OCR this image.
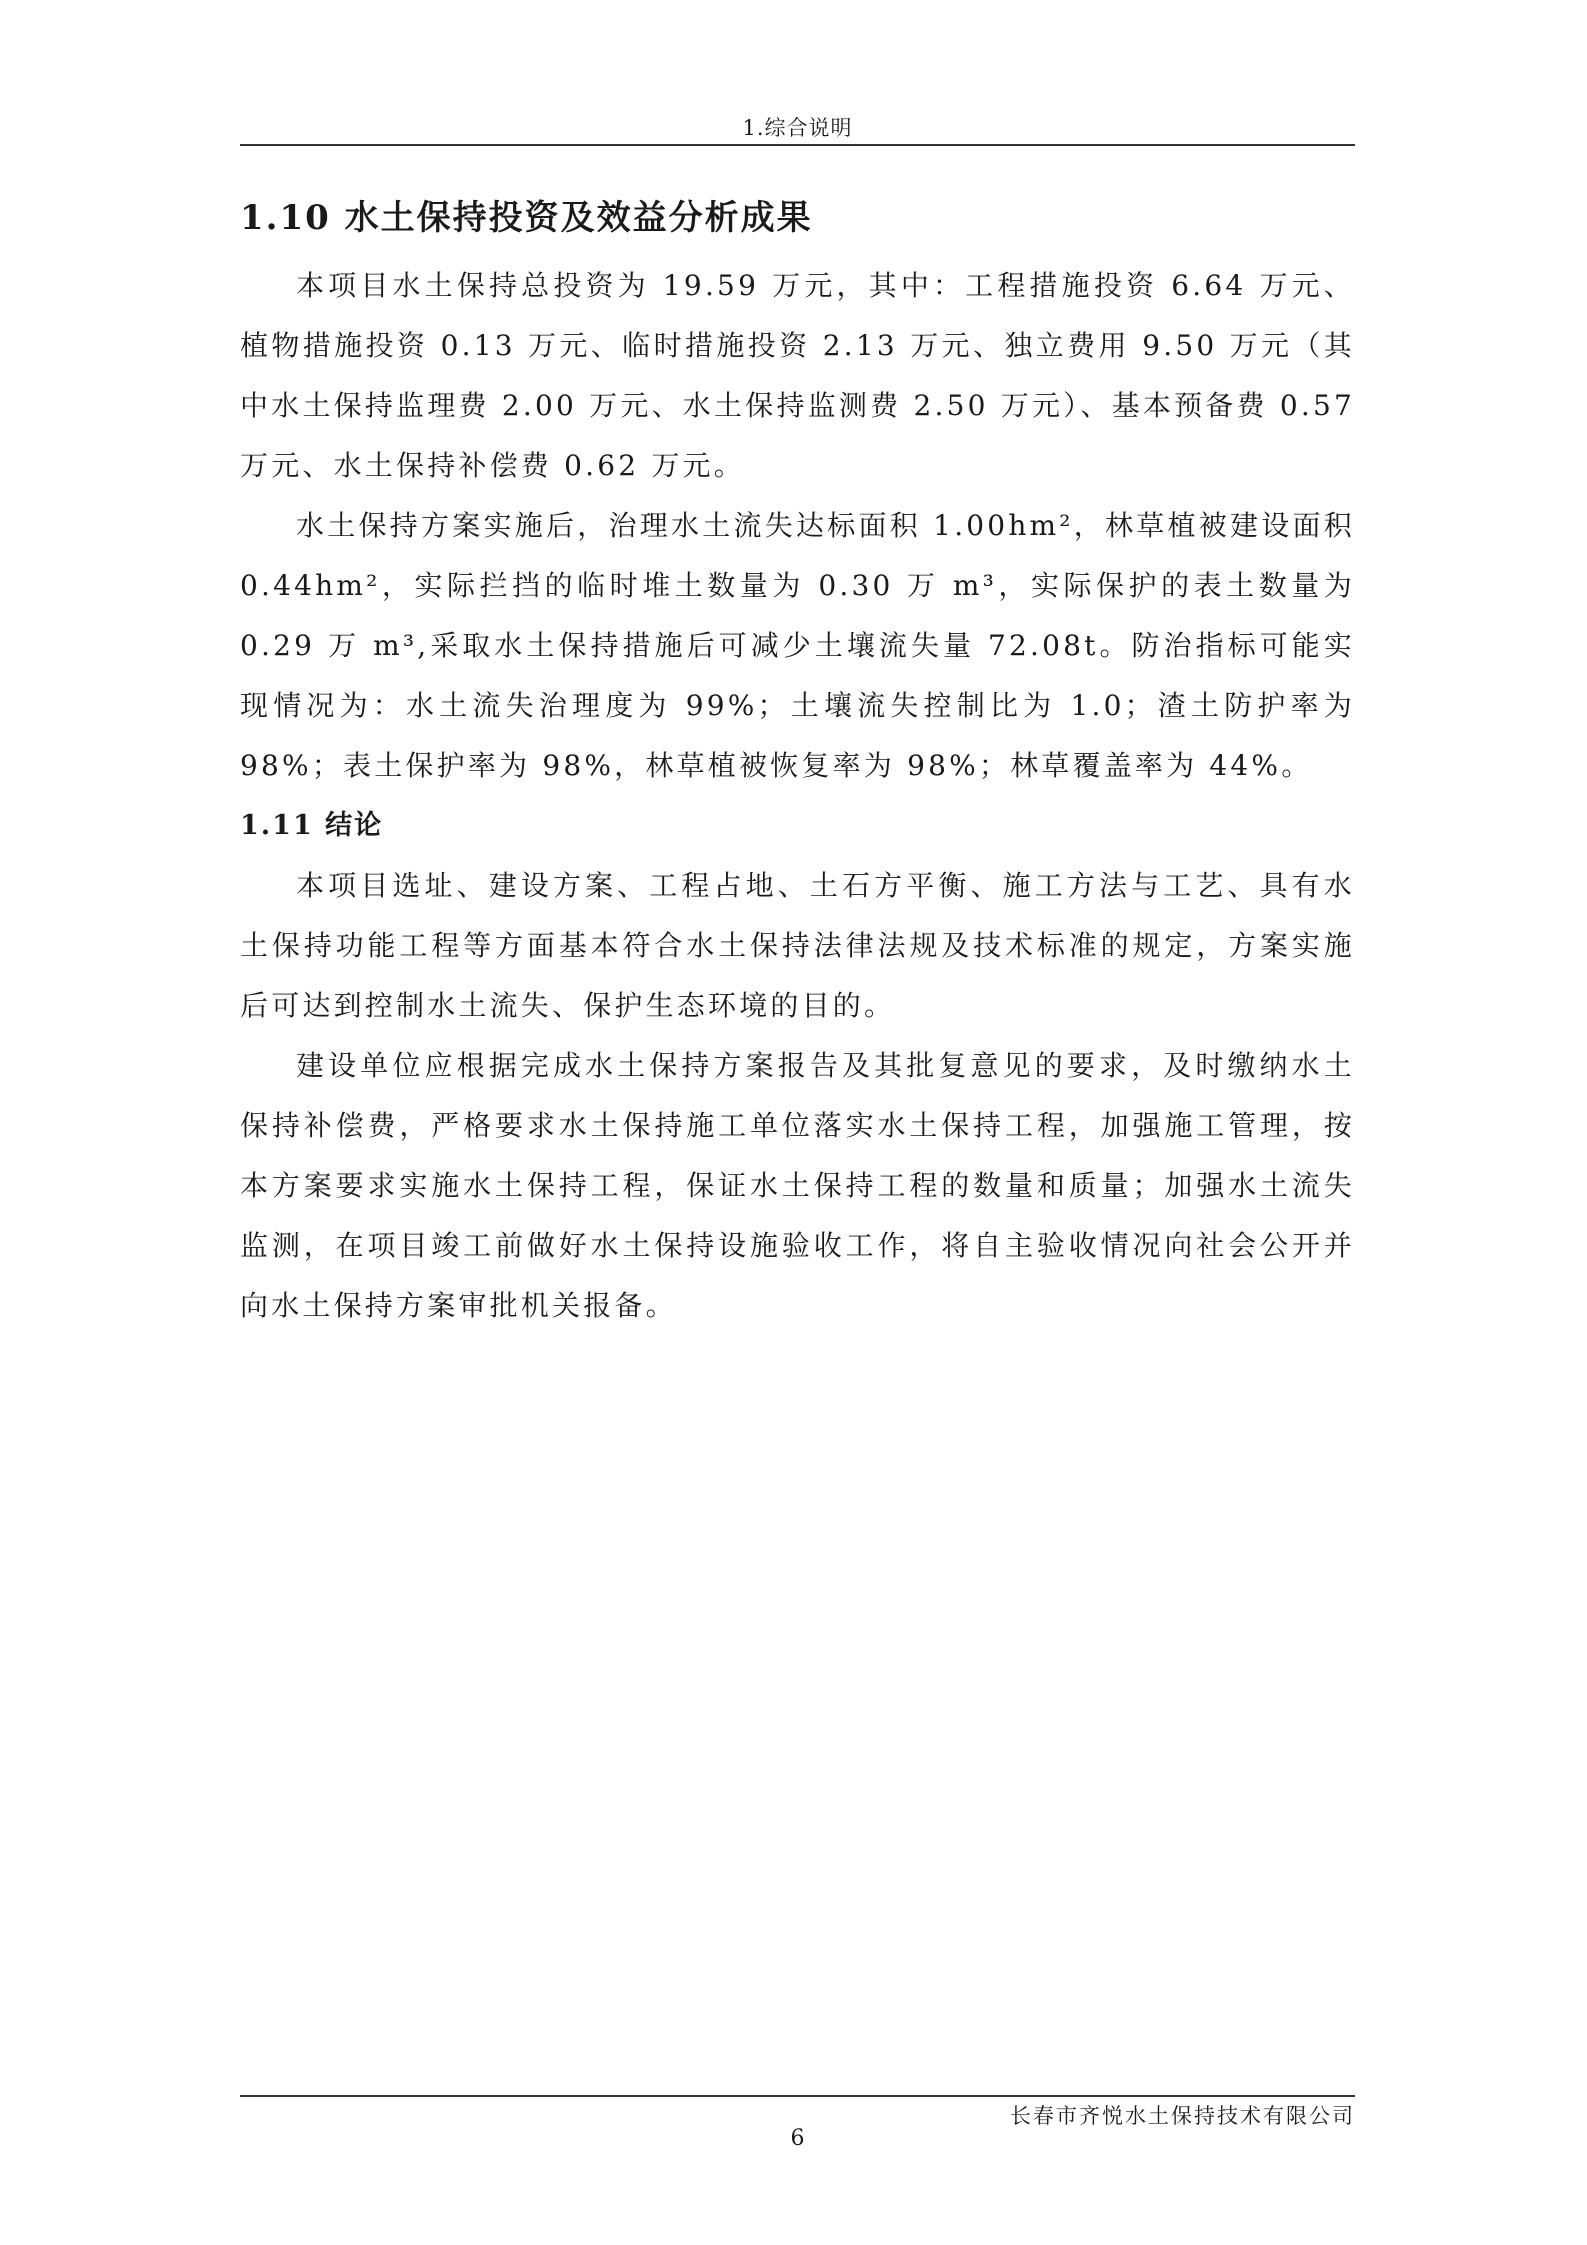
1.综合说明
1.10 水土保持投资及效益分析成果

本项目水土保持总投资为 19.59 万元，其中：工程措施投资 6.64 万元、植物措施投资 0.13 万元、临时措施投资 2.13 万元、独立费用 9.50 万元（其中水土保持监理费 2.00 万元、水土保持监测费 2.50 万元）、基本预备费 0.57 万元、水土保持补偿费 0.62 万元。

水土保持方案实施后，治理水土流失达标面积 1.00hm²，林草植被建设面积 0.44hm²，实际拦挡的临时堆土数量为 0.30 万 m³，实际保护的表土数量为 0.29 万 m³,采取水土保持措施后可减少土壤流失量 72.08t。防治指标可能实现情况为：水土流失治理度为 99%；土壤流失控制比为 1.0；渣土防护率为 98%；表土保护率为 98%，林草植被恢复率为 98%；林草覆盖率为 44%。

1.11 结论

本项目选址、建设方案、工程占地、土石方平衡、施工方法与工艺、具有水土保持功能工程等方面基本符合水土保持法律法规及技术标准的规定，方案实施后可达到控制水土流失、保护生态环境的目的。

建设单位应根据完成水土保持方案报告及其批复意见的要求，及时缴纳水土保持补偿费，严格要求水土保持施工单位落实水土保持工程，加强施工管理，按本方案要求实施水土保持工程，保证水土保持工程的数量和质量；加强水土流失监测，在项目竣工前做好水土保持设施验收工作，将自主验收情况向社会公开并向水土保持方案审批机关报备。

长春市齐悦水土保持技术有限公司
6
